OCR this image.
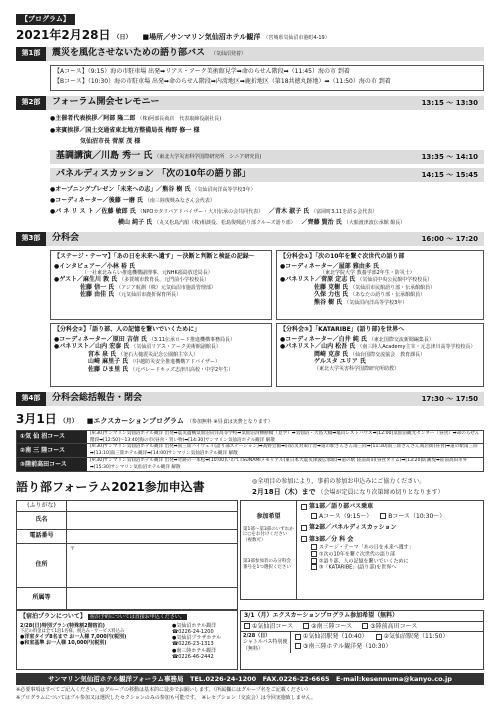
【プログラム】
2021年2月28日 （日） ■場所／サンマリン気仙沼ホテル観洋 （宮城県気仙沼市港町4-19）
第1部	震災を風化させないための語り部バス （気仙沼発着）
【Aコース】（9:15）海の市駐車場 出発➡リアス・アーク美術館見学➡命のらせん階段➡（11:45）海の市 到着
【Bコース】（10:30）海の市駐車場 出発➡命のらせん階段➡内湾地区➡鹿折地区（第18共徳丸跡地）➡（11:50）海の市 到着
第2部	フォーラム開会セレモニー	13:15 ～ 13:30
●主催者代表挨拶／阿部 隆二郎 （株)阿部長商店　代表取締役副社長)
●来賓挨拶／国土交通省東北地方整備局長 梅野 修一 様
気仙沼市長 菅原 茂 様
基調講演／川島 秀一 氏 （東北大学災害科学国際研究所　シニア研究員)	13:35 ～ 14:10
パネルディスカッション 「次の10年の語り部」	14:15 ～ 15:45
●オープニングプレゼン「未来への志」／熊谷 樹 氏 （気仙沼向洋高等学校3年）
●コーディネーター／後藤 一磨 氏 （南三陸復興みなさん会代表）
●パ ネ リ ス ト ／佐藤 敏郎 氏 （NPOカタリバアドバイザー・大川伝承の会共同代表） ／青木 淑子 氏 （富岡町3.11を語る会代表）
横山 純子 氏 （丸又松島汽船（株)相談役、松島復興語り部クルーズ語り部） ／齊藤 賢治 氏 （大船渡津波伝承館 館長）
第3部	分科会	16:00 ～ 17:20
【ステージ・テーマ】「あの日を未来へ遺す」〜決断と判断と検証の記録〜
●インタビュアー／小林 裕 氏
（一社東北みらい推進機構副理事、元NHK福島放送局長）
●ゲスト／麻生川 敦 氏 （多賀城市教育長、元門前小学校校長）
佐藤 信一 氏 （アジア航測（株）元気仙沼市施設管理部）
佐藤 由佳 氏 （元気仙沼市鹿折保育所長）
【分科会①】「次の10年を繋ぐ次世代の語り部
●コーディネーター／屋部 雅由多 氏
（東北学院大学 教養学部2年生・防災士）
●パネリスト／菅原 定志 氏 （気仙沼中央公民館中学校校長）
佐藤 克樹 氏 （気仙沼市民館語り部・伝承館館員）
久保 力也 氏 （あなたの語り部・伝承館館員）
熊谷 樹 氏 （気仙沼向洋高等学校3年）
【分科会②】「語り部、人の記憶を繋いでいくために」
●コーディネーター／原田 吉信 氏 （3.11伝承ロード推進機構事務局長）
●パネリスト／山内 宏泰 氏 （気仙沼リアス・アーク美術館副館長）
宮本 泉 氏 （釜石大槌震災記念公園館主宰人）
山崎 麻里子 氏 （中越防災安全推進機構アドバイザー）
佐藤 ひま里 氏 （元パレードキッズ志津川高校・中学2年生）
【分科会③】「KATARIBE」(語り部)を世界へ
●コーディネーター／白井 純 氏 （東北国際交流新聞編集長）
●パネリスト／山内 松吾 氏 （南三陸人Academy主宰・元志津川高等学校校長）
岡崎 克彦 氏 （仙台国際交流協会　教育課長）
ゲルスタ ユリア 氏
（東北大学災害科学国際研究所助教）
第4部	分科会総括報告・閉会	17:30 ～ 17:50
3月1日 （月） ■エクスカーションプログラム （参加無料 ※昼食は実費となります）
①気 仙 沼コース	[9:30]サンマリン気仙沼ホテル観洋 出発➡震災遺構気仙沼向洋高等学校➡気仙沼湾横断橋（見学）➡気仙沼・大島大橋➡亀山レストハウス➡[12:00]気仙沼観光センター（昼食）➡命のらせん階段➡[12:50]～13:40]海の市(昼食・買い物)➡[14:30]サンマリン気仙沼ホテル観洋 解散
②南 三 陸コース
[9:30]サンマリン気仙沼ホテル観洋 出発➡南三陸ハイウェイ(語り部ステーション)➡高野会館➡旧防災対策庁舎➡道の駅さんさん南三陸➡[11:30]南三陸さんさん商店街(昼食)➡道の駅南三陸➡[13:10]南三陸ホテル観洋➡[14:00]サンマリン気仙沼ホテル観洋 解散
③陸前高田コース
[9:30]サンマリン気仙沼ホテル観洋 出発➡奇跡の一本松➡[10:00]いわてTSUNAMIメモリアル(東日本大震災津波伝承館)➡道の駅 陸前高田(昼食タイム)➡[13:20]防潮堤➡陸前高田市外➡[15:30]サンマリン気仙沼ホテル観洋 解散
語り部フォーラム2021参加申込書	◎全項目の参加により、事前の参加お申込みにご協力ください。
2月18日（木）まで （会場が定員になり次第締め切りとなります）
(ふりがな)	
氏名	
電話番号	
住所	〒
所属等	
参加希望
第1部～第3部のいずれかに○をお付けください（複数可）
第3部参加者のみ分科会番号を1つ選択ください
第1部／語り部バス乗車
Aコース（9:15～）	Bコース（10:30～）
第2部／パネルディスカッション
第3部／分 科 会
ステージ・テーマ「あの日を未来へ遺す」
①次の10年を繋ぐ次世代の語り部
②語り部、人の記憶を繋いでいくために
③「KATARIBE」(語り部)を世界へ
【宿泊プランについて】 宿泊予約については直接お申込ください。
2/28(日)特別プラン(特殊割2階宿泊)
下記の料金は全て1泊1名様、税込み・サービス料込み
●洋室タイプ8名まで お一人様 7,000円(税別)
●和室基準 お一人様 10,000円(税別)
●気仙沼ホテル観洋
☎0226-24-1200
●気仙沼プラザホテル
☎0226-23-1313
●南三陸ホテル観洋
☎0226-46-2442
3/1（月）エクスカーションプログラム参加希望（無料）
①気仙沼コース	②南三陸コース	③陸前高田コース
2/28（日）
シャトルバス特別便（無料）
①気仙沼駅発（10:40）	②気仙沼駅発（11:50）
③南三陸ホテル観洋発（10:30）
サンマリン気仙沼ホテル観洋フォーラム事務局　TEL.0226-24-1200　FAX.0226-22-6665　E-mail:kesennuma@kanyo.co.jp
※必要事項はすべてご記入ください。◎グループの移動は基本的に徒歩でお願いします。（所属欄にはグループ名をご記載ください）
※プログラムについてはプル参加又は選択したセクションのみの参加も可能です。　※レセプション（交流会）は今回実施致しません。
